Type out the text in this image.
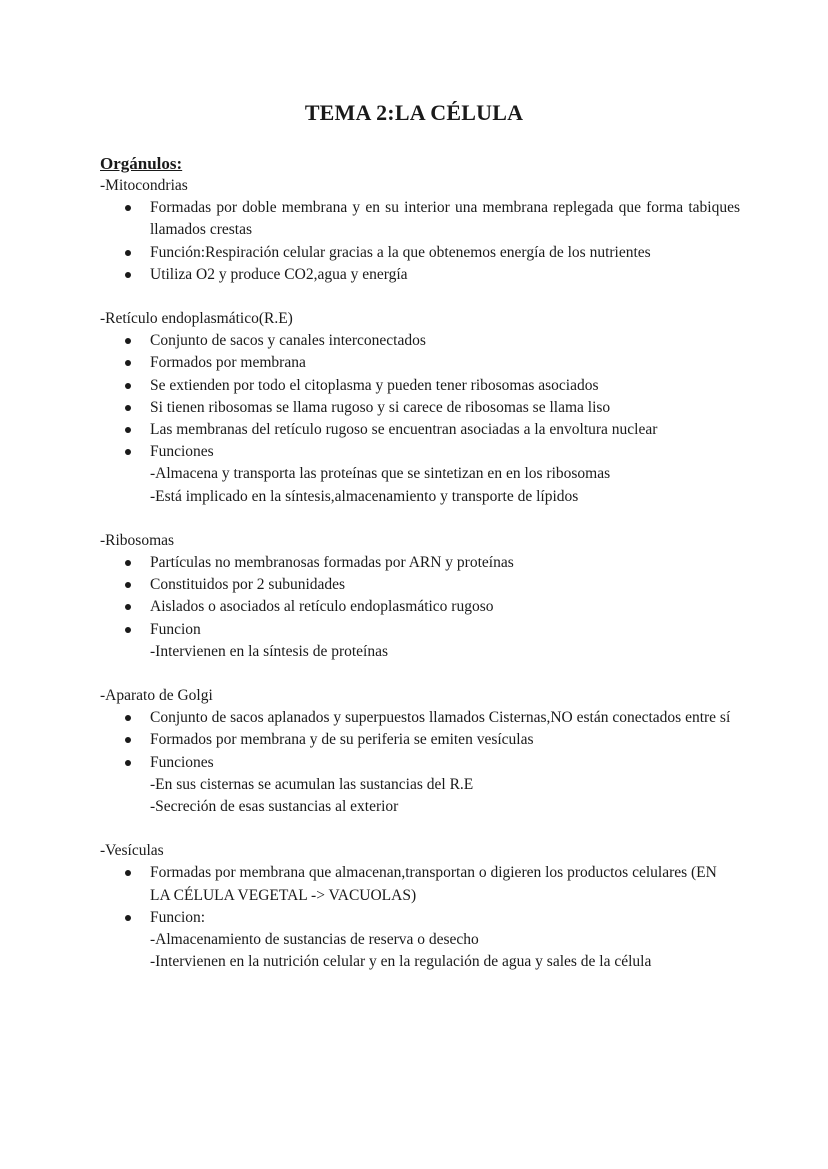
TEMA 2:LA CÉLULA
Orgánulos:
-Mitocondrias
Formadas por doble membrana y en su interior una membrana replegada que forma tabiques llamados crestas
Función:Respiración celular gracias a la que obtenemos energía de los nutrientes
Utiliza O2 y produce CO2,agua y energía
-Retículo endoplasmático(R.E)
Conjunto de sacos y canales interconectados
Formados por membrana
Se extienden por todo el citoplasma y pueden tener ribosomas asociados
Si tienen ribosomas se llama rugoso y si carece de ribosomas se llama liso
Las membranas del retículo rugoso se encuentran asociadas a la envoltura nuclear
Funciones
-Almacena y transporta las proteínas que se sintetizan en en los ribosomas
-Está implicado en la síntesis,almacenamiento y transporte de lípidos
-Ribosomas
Partículas no membranosas formadas por ARN y proteínas
Constituidos por 2 subunidades
Aislados o asociados al retículo endoplasmático rugoso
Funcion
-Intervienen en la síntesis de proteínas
-Aparato de Golgi
Conjunto de sacos aplanados y superpuestos llamados Cisternas,NO están conectados entre sí
Formados por membrana y de su periferia se emiten vesículas
Funciones
-En sus cisternas se acumulan las sustancias del R.E
-Secreción de esas sustancias al exterior
-Vesículas
Formadas por membrana que almacenan,transportan o digieren los productos celulares (EN LA CÉLULA VEGETAL -> VACUOLAS)
Funcion:
-Almacenamiento de sustancias de reserva o desecho
-Intervienen en la nutrición celular y en la regulación de agua y sales de la célula
